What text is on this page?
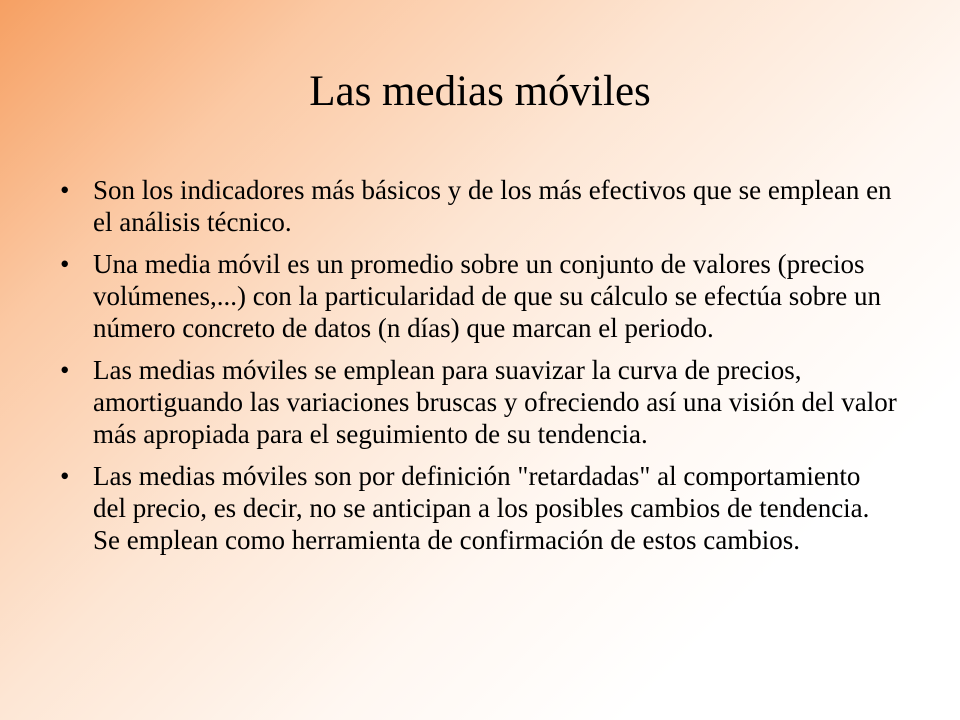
Las medias móviles
• Son los indicadores más básicos y de los más efectivos que se emplean en el análisis técnico.
• Una media móvil es un promedio sobre un conjunto de valores (precios volúmenes,...) con la particularidad de que su cálculo se efectúa sobre un número concreto de datos (n días) que marcan el periodo.
• Las medias móviles se emplean para suavizar la curva de precios, amortiguando las variaciones bruscas y ofreciendo así una visión del valor más apropiada para el seguimiento de su tendencia.
• Las medias móviles son por definición "retardadas" al comportamiento del precio, es decir, no se anticipan a los posibles cambios de tendencia. Se emplean como herramienta de confirmación de estos cambios.
